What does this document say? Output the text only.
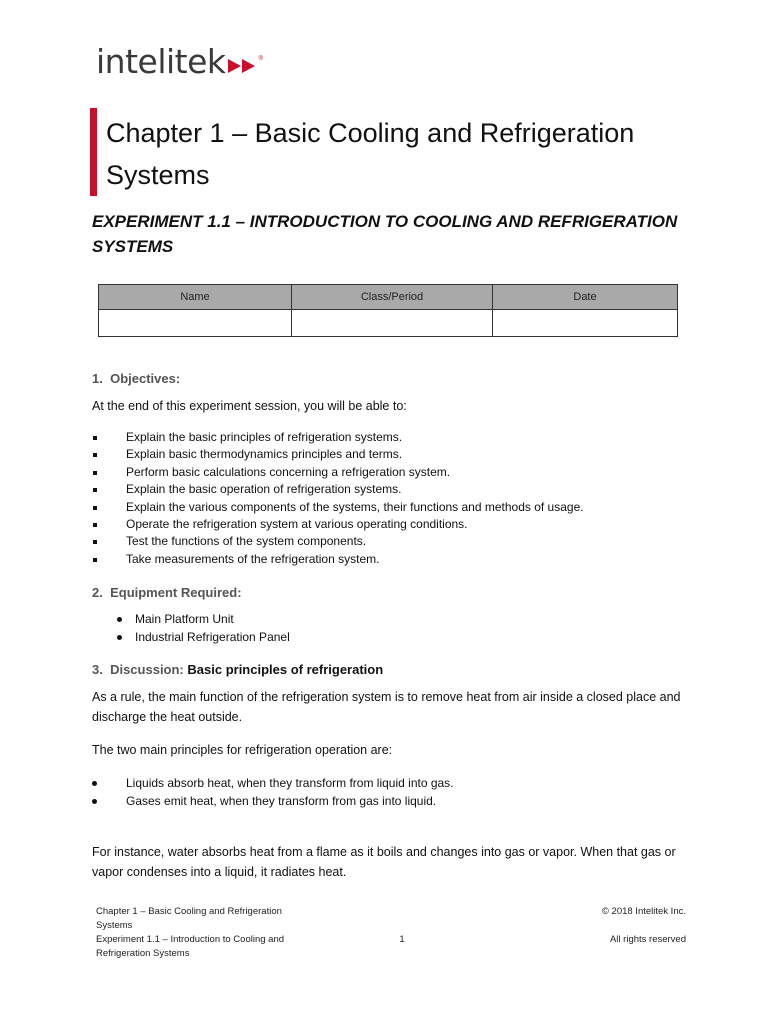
intelitek	®
Chapter 1 – Basic Cooling and Refrigeration Systems
EXPERIMENT 1.1 – INTRODUCTION TO COOLING AND REFRIGERATION SYSTEMS
Name	Class/Period	Date

1. Objectives:
At the end of this experiment session, you will be able to:
Explain the basic principles of refrigeration systems.
Explain basic thermodynamics principles and terms.
Perform basic calculations concerning a refrigeration system.
Explain the basic operation of refrigeration systems.
Explain the various components of the systems, their functions and methods of usage.
Operate the refrigeration system at various operating conditions.
Test the functions of the system components.
Take measurements of the refrigeration system.
2. Equipment Required:
Main Platform Unit
Industrial Refrigeration Panel
3. Discussion: Basic principles of refrigeration
As a rule, the main function of the refrigeration system is to remove heat from air inside a closed place and discharge the heat outside.
The two main principles for refrigeration operation are:
Liquids absorb heat, when they transform from liquid into gas.
Gases emit heat, when they transform from gas into liquid.
For instance, water absorbs heat from a flame as it boils and changes into gas or vapor. When that gas or vapor condenses into a liquid, it radiates heat.
Chapter 1 – Basic Cooling and Refrigeration Systems
Experiment 1.1 – Introduction to Cooling and Refrigeration Systems
1
© 2018 Intelitek Inc.
All rights reserved
